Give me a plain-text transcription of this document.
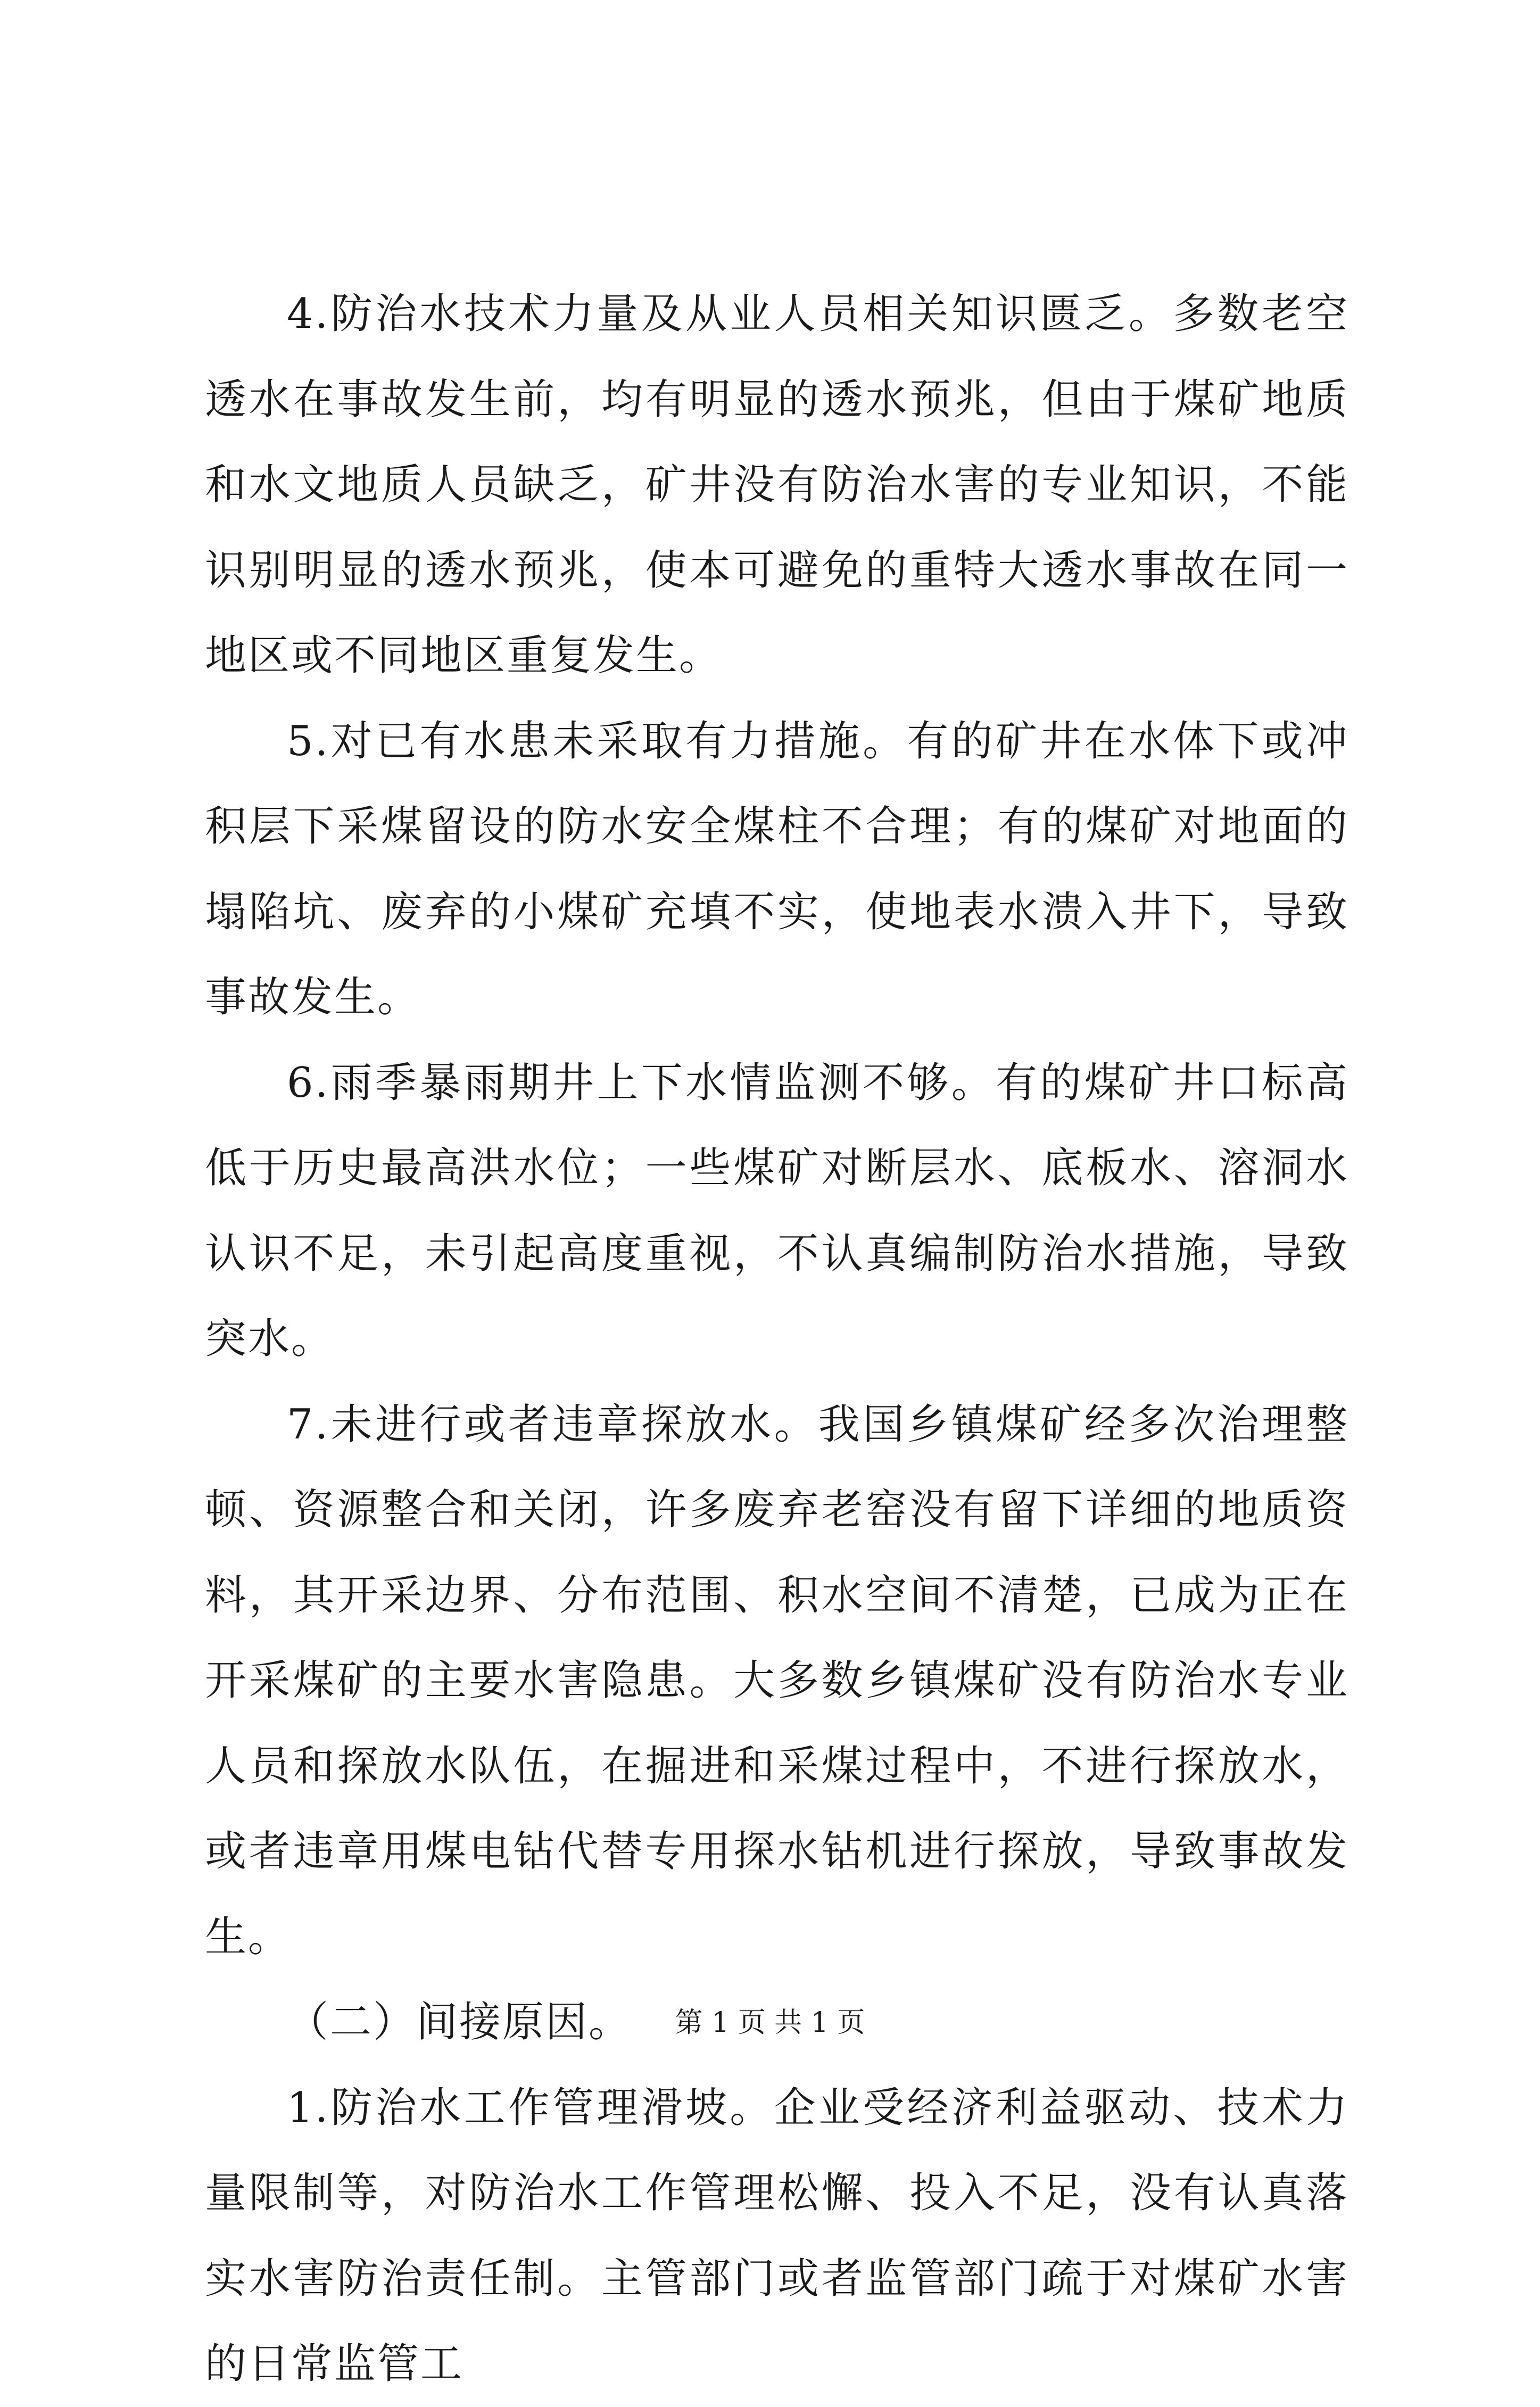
4.防治水技术力量及从业人员相关知识匮乏。多数老空透水在事故发生前，均有明显的透水预兆，但由于煤矿地质和水文地质人员缺乏，矿井没有防治水害的专业知识，不能识别明显的透水预兆，使本可避免的重特大透水事故在同一地区或不同地区重复发生。

5.对已有水患未采取有力措施。有的矿井在水体下或冲积层下采煤留设的防水安全煤柱不合理；有的煤矿对地面的塌陷坑、废弃的小煤矿充填不实，使地表水溃入井下，导致事故发生。

6.雨季暴雨期井上下水情监测不够。有的煤矿井口标高低于历史最高洪水位；一些煤矿对断层水、底板水、溶洞水认识不足，未引起高度重视，不认真编制防治水措施，导致突水。

7.未进行或者违章探放水。我国乡镇煤矿经多次治理整顿、资源整合和关闭，许多废弃老窑没有留下详细的地质资料，其开采边界、分布范围、积水空间不清楚，已成为正在开采煤矿的主要水害隐患。大多数乡镇煤矿没有防治水专业人员和探放水队伍，在掘进和采煤过程中，不进行探放水，或者违章用煤电钻代替专用探水钻机进行探放，导致事故发生。

（二）间接原因。

1.防治水工作管理滑坡。企业受经济利益驱动、技术力量限制等，对防治水工作管理松懈、投入不足，没有认真落实水害防治责任制。主管部门或者监管部门疏于对煤矿水害的日常监管工

第 1 页 共 1 页
